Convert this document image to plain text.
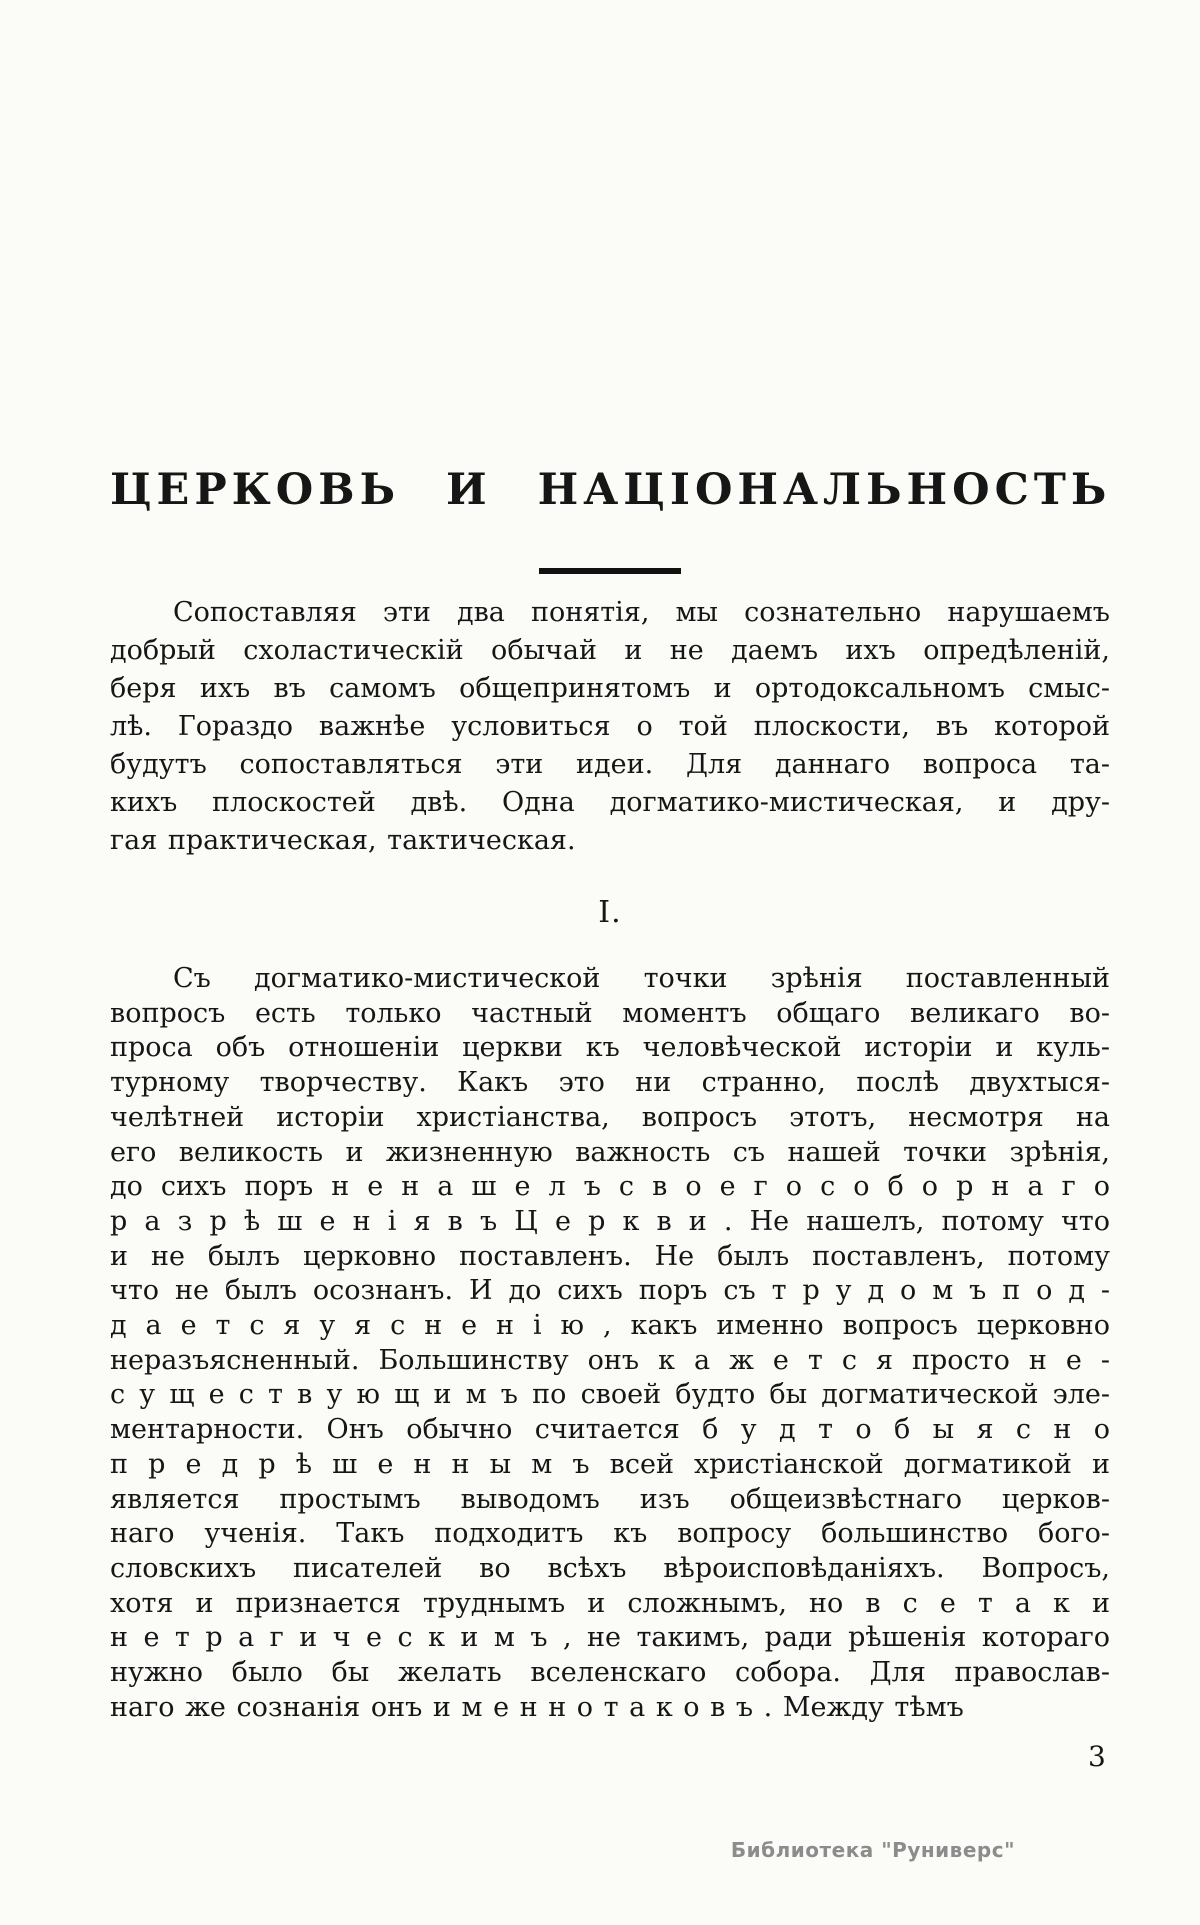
ЦЕРКОВЬ И НАЦІОНАЛЬНОСТЬ
Сопоставляя эти два понятія, мы сознательно нарушаемъ
добрый схоластическій обычай и не даемъ ихъ опредѣленій,
беря ихъ въ самомъ общепринятомъ и ортодоксальномъ смыс-
лѣ. Гораздо важнѣе условиться о той плоскости, въ которой
будутъ сопоставляться эти идеи. Для даннаго вопроса та-
кихъ плоскостей двѣ. Одна догматико-мистическая, и дру-
гая практическая, тактическая.
I.
Съ догматико-мистической точки зрѣнія поставленный
вопросъ есть только частный моментъ общаго великаго во-
проса объ отношеніи церкви къ человѣческой исторіи и куль-
турному творчеству. Какъ это ни странно, послѣ двухтыся-
челѣтней исторіи христіанства, вопросъ этотъ, несмотря на
его великость и жизненную важность съ нашей точки зрѣнія,
до сихъ поръ н е н а ш е л ъ с в о е г о с о б о р н а г о
р а з р ѣ ш е н і я в ъ Ц е р к в и . Не нашелъ, потому что
и не былъ церковно поставленъ. Не былъ поставленъ, потому
что не былъ осознанъ. И до сихъ поръ съ т р у д о м ъ п о д -
д а е т с я у я с н е н і ю , какъ именно вопросъ церковно
неразъясненный. Большинству онъ к а ж е т с я просто н е -
с у щ е с т в у ю щ и м ъ по своей будто бы догматической эле-
ментарности. Онъ обычно считается б у д т о б ы я с н о
п р е д р ѣ ш е н н ы м ъ всей христіанской догматикой и
является простымъ выводомъ изъ общеизвѣстнаго церков-
наго ученія. Такъ подходитъ къ вопросу большинство бого-
словскихъ писателей во всѣхъ вѣроисповѣданіяхъ. Вопросъ,
хотя и признается труднымъ и сложнымъ, но в с е т а к и
н е т р а г и ч е с к и м ъ , не такимъ, ради рѣшенія котораго
нужно было бы желать вселенскаго собора. Для православ-
наго же сознанія онъ и м е н н о т а к о в ъ . Между тѣмъ
3
Библиотека "Руниверс"
